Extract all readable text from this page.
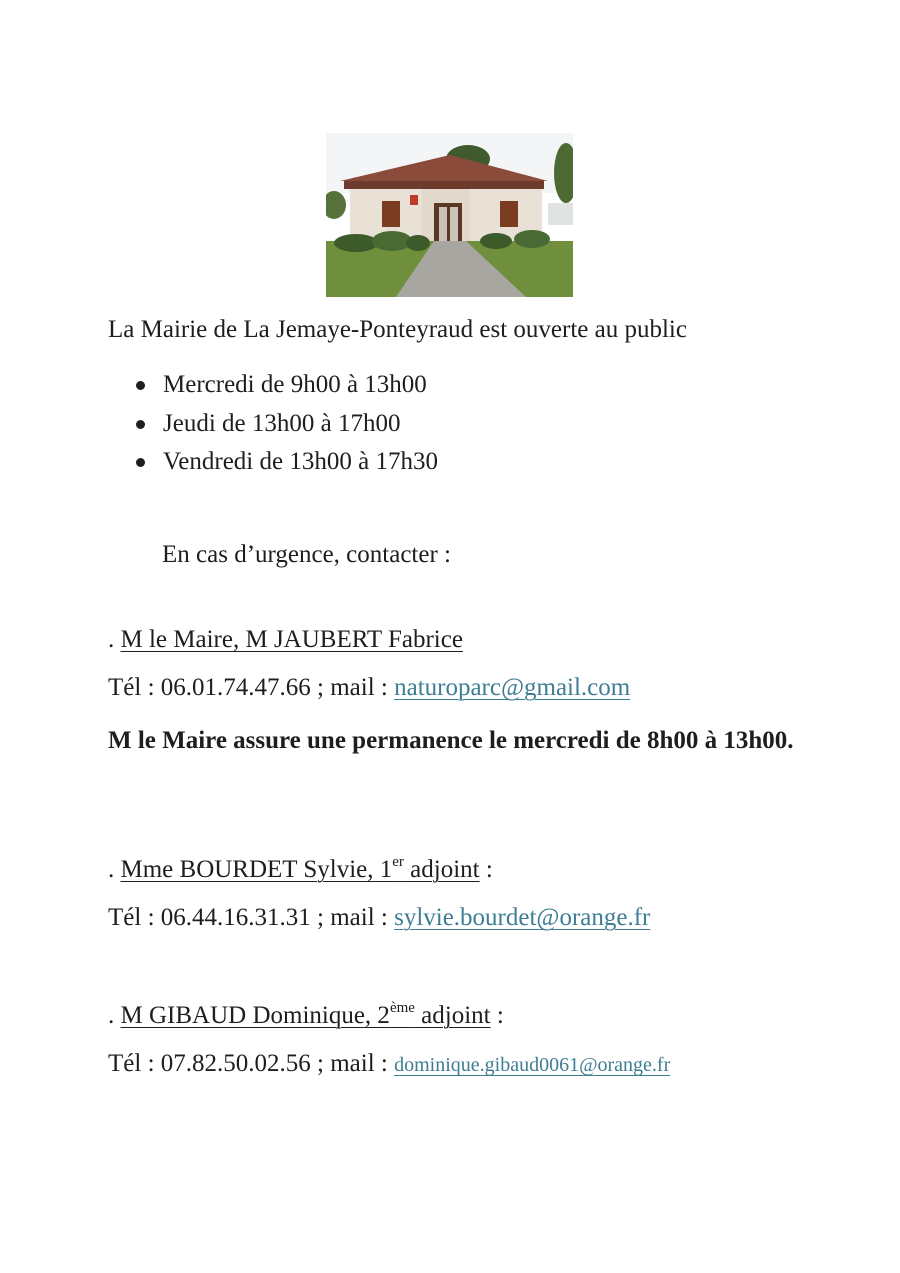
La Mairie de La Jemaye-Ponteyraud est ouverte au public
Mercredi de 9h00 à 13h00
Jeudi de 13h00 à 17h00
Vendredi de 13h00 à 17h30
En cas d’urgence, contacter :
. M le Maire, M JAUBERT Fabrice
Tél : 06.01.74.47.66 ; mail : naturoparc@gmail.com
M le Maire assure une permanence le mercredi de 8h00 à 13h00.
. Mme BOURDET Sylvie, 1er adjoint :
Tél : 06.44.16.31.31 ; mail : sylvie.bourdet@orange.fr
. M GIBAUD Dominique, 2ème adjoint :
Tél : 07.82.50.02.56 ; mail : dominique.gibaud0061@orange.fr
